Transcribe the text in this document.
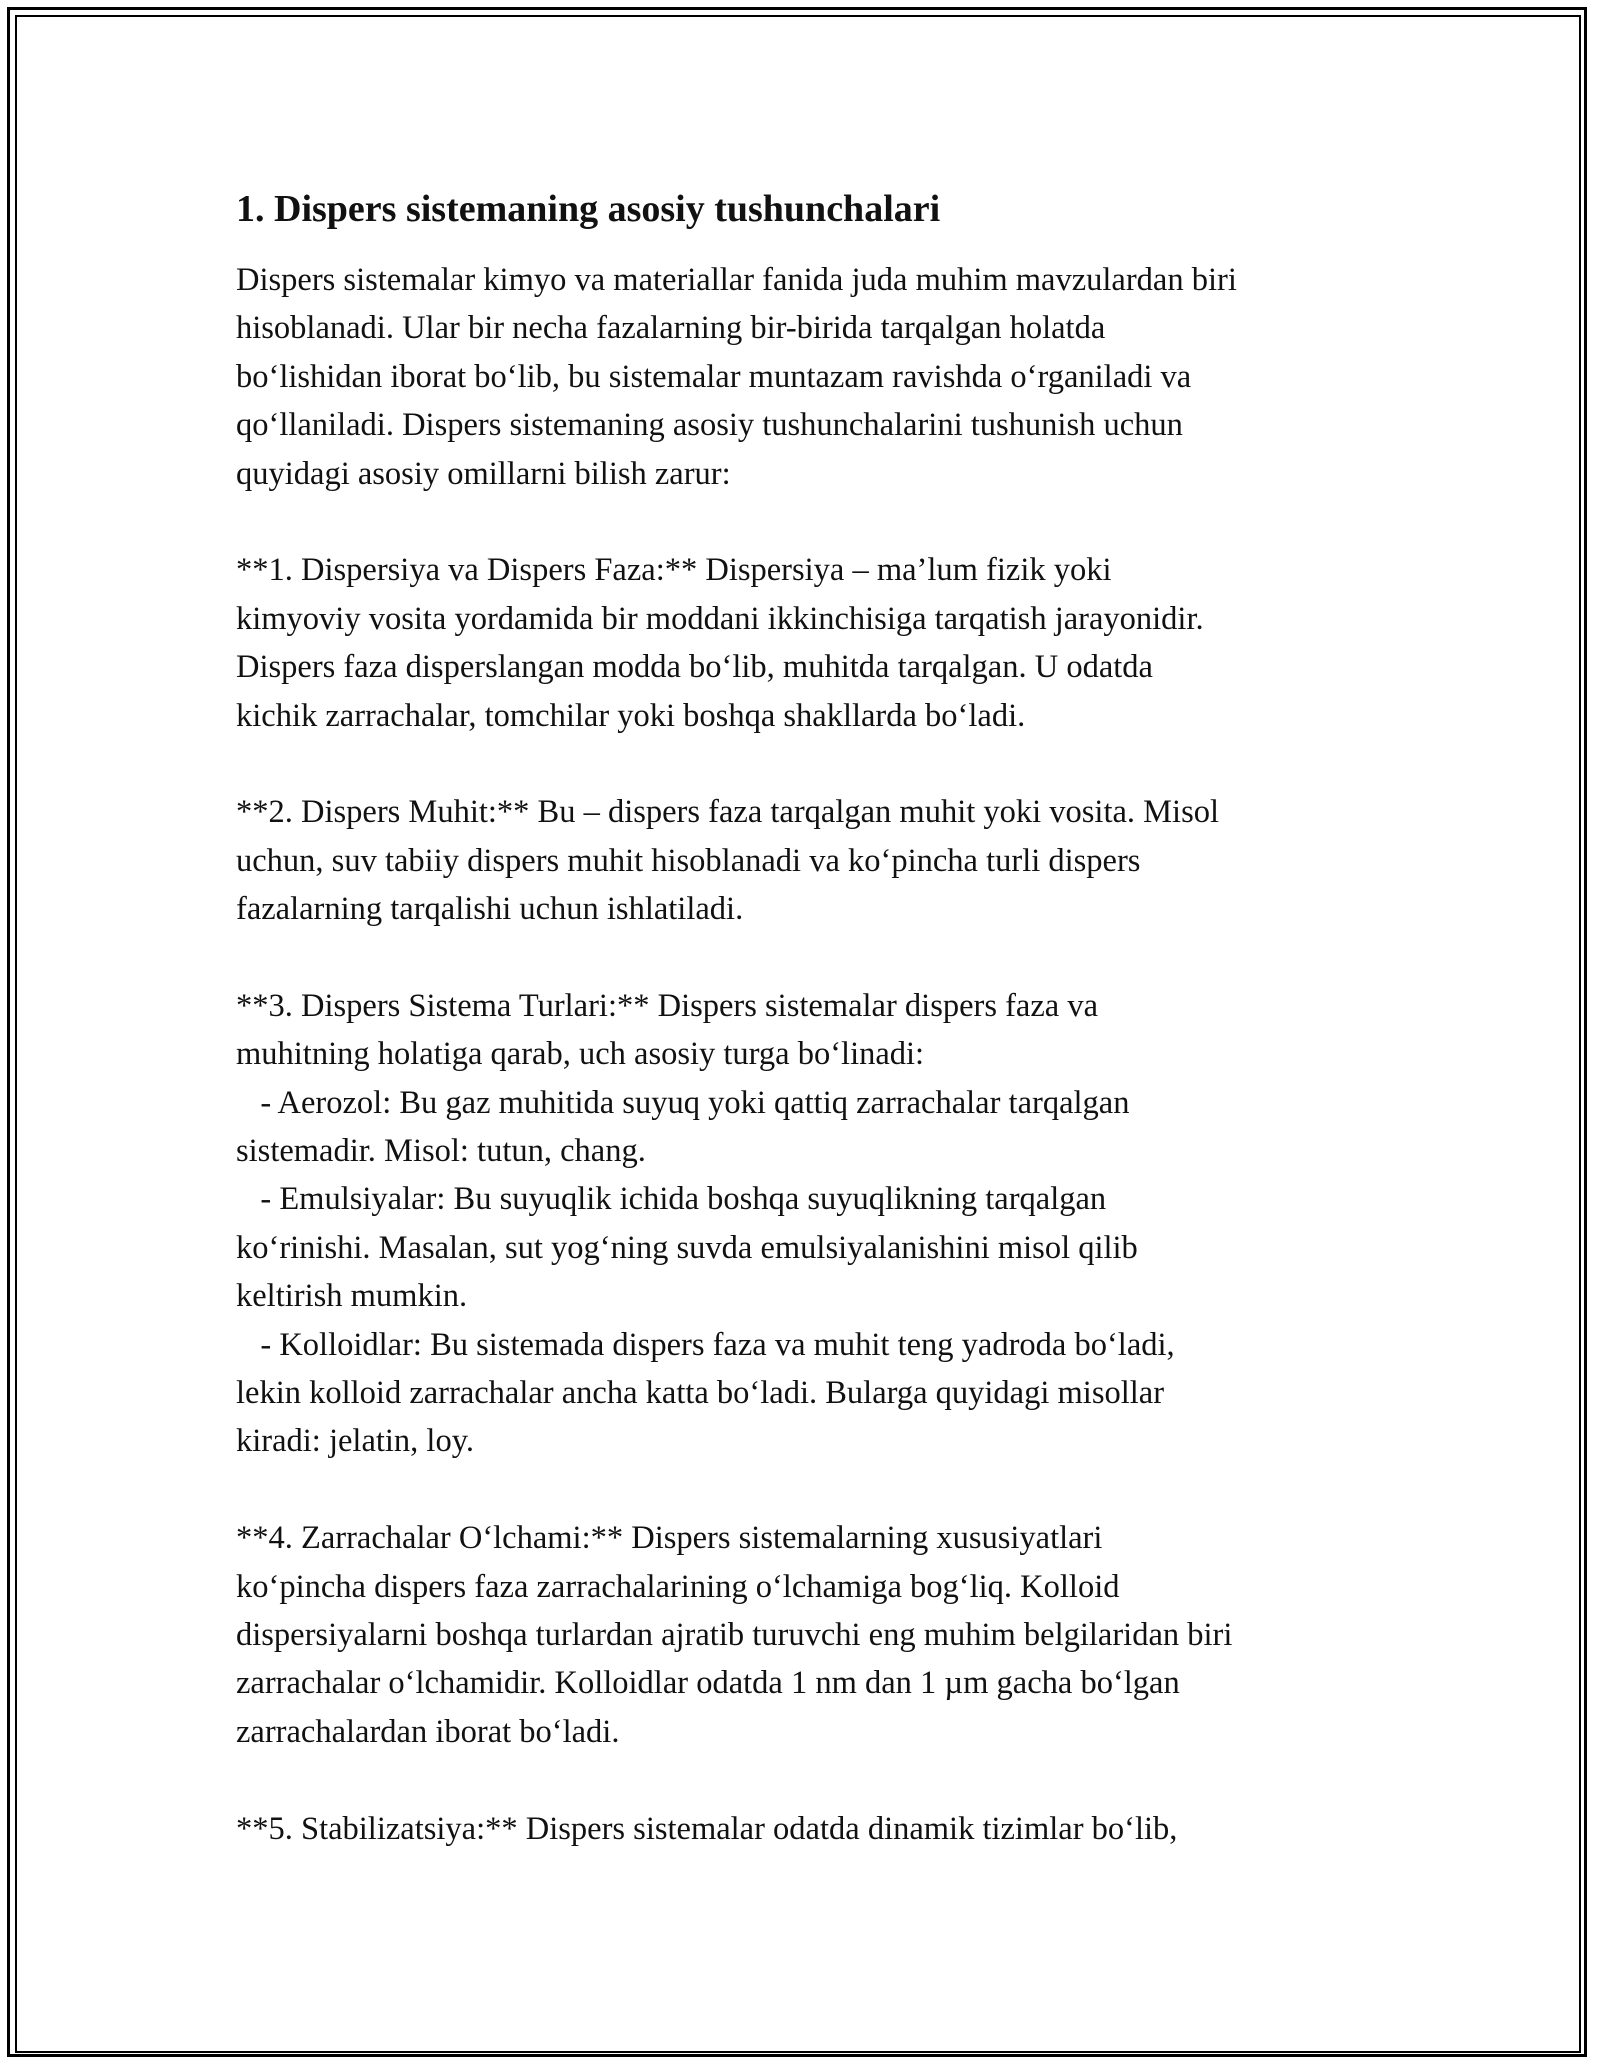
1. Dispers sistemaning asosiy tushunchalari
Dispers sistemalar kimyo va materiallar fanida juda muhim mavzulardan biri
hisoblanadi. Ular bir necha fazalarning bir-birida tarqalgan holatda
bo‘lishidan iborat bo‘lib, bu sistemalar muntazam ravishda o‘rganiladi va
qo‘llaniladi. Dispers sistemaning asosiy tushunchalarini tushunish uchun
quyidagi asosiy omillarni bilish zarur:
**1. Dispersiya va Dispers Faza:** Dispersiya – ma’lum fizik yoki
kimyoviy vosita yordamida bir moddani ikkinchisiga tarqatish jarayonidir.
Dispers faza disperslangan modda bo‘lib, muhitda tarqalgan. U odatda
kichik zarrachalar, tomchilar yoki boshqa shakllarda bo‘ladi.
**2. Dispers Muhit:** Bu – dispers faza tarqalgan muhit yoki vosita. Misol
uchun, suv tabiiy dispers muhit hisoblanadi va ko‘pincha turli dispers
fazalarning tarqalishi uchun ishlatiladi.
**3. Dispers Sistema Turlari:** Dispers sistemalar dispers faza va
muhitning holatiga qarab, uch asosiy turga bo‘linadi:
- Aerozol: Bu gaz muhitida suyuq yoki qattiq zarrachalar tarqalgan
sistemadir. Misol: tutun, chang.
- Emulsiyalar: Bu suyuqlik ichida boshqa suyuqlikning tarqalgan
ko‘rinishi. Masalan, sut yog‘ning suvda emulsiyalanishini misol qilib
keltirish mumkin.
- Kolloidlar: Bu sistemada dispers faza va muhit teng yadroda bo‘ladi,
lekin kolloid zarrachalar ancha katta bo‘ladi. Bularga quyidagi misollar
kiradi: jelatin, loy.
**4. Zarrachalar O‘lchami:** Dispers sistemalarning xususiyatlari
ko‘pincha dispers faza zarrachalarining o‘lchamiga bog‘liq. Kolloid
dispersiyalarni boshqa turlardan ajratib turuvchi eng muhim belgilaridan biri
zarrachalar o‘lchamidir. Kolloidlar odatda 1 nm dan 1 µm gacha bo‘lgan
zarrachalardan iborat bo‘ladi.
**5. Stabilizatsiya:** Dispers sistemalar odatda dinamik tizimlar bo‘lib,
